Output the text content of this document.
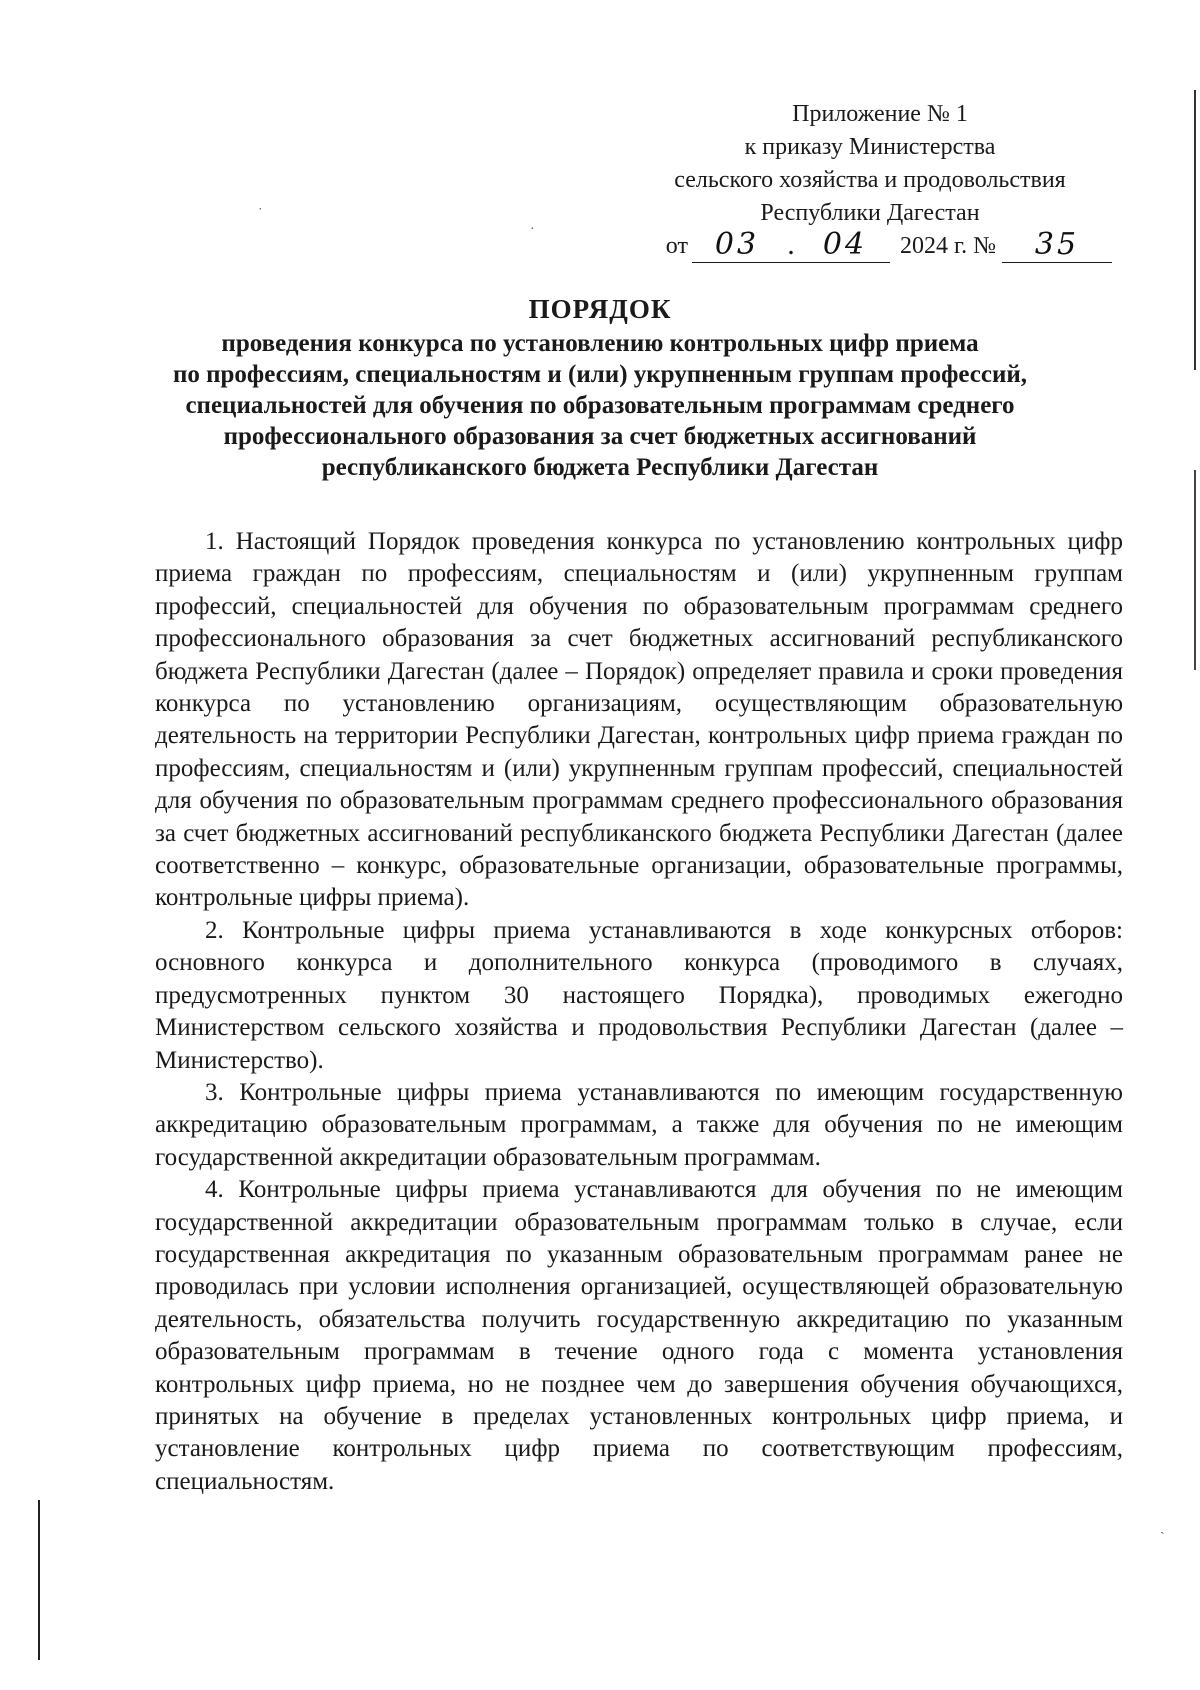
˙
·
ˏ
Приложение № 1
к приказу Министерства
сельского хозяйства и продовольствия
Республики Дагестан
от 03 . 04	2024 г. №	35
ПОРЯДОК
проведения конкурса по установлению контрольных цифр приема
по профессиям, специальностям и (или) укрупненным группам профессий,
специальностей для обучения по образовательным программам среднего
профессионального образования за счет бюджетных ассигнований
республиканского бюджета Республики Дагестан

1. Настоящий Порядок проведения конкурса по установлению контрольных цифр приема граждан по профессиям, специальностям и (или) укрупненным группам профессий, специальностей для обучения по образовательным программам среднего профессионального образования за счет бюджетных ассигнований республиканского бюджета Республики Дагестан (далее – Порядок) определяет правила и сроки проведения конкурса по установлению организациям, осуществляющим образовательную деятельность на территории Республики Дагестан, контрольных цифр приема граждан по профессиям, специальностям и (или) укрупненным группам профессий, специальностей для обучения по образовательным программам среднего профессионального образования за счет бюджетных ассигнований республиканского бюджета Республики Дагестан (далее соответственно – конкурс, образовательные организации, образовательные программы, контрольные цифры приема).

2. Контрольные цифры приема устанавливаются в ходе конкурсных отборов: основного конкурса и дополнительного конкурса (проводимого в случаях, предусмотренных пунктом 30 настоящего Порядка), проводимых ежегодно Министерством сельского хозяйства и продовольствия Республики Дагестан (далее – Министерство).

3. Контрольные цифры приема устанавливаются по имеющим государственную аккредитацию образовательным программам, а также для обучения по не имеющим государственной аккредитации образовательным программам.

4. Контрольные цифры приема устанавливаются для обучения по не имеющим государственной аккредитации образовательным программам только в случае, если государственная аккредитация по указанным образовательным программам ранее не проводилась при условии исполнения организацией, осуществляющей образовательную деятельность, обязательства получить государственную аккредитацию по указанным образовательным программам в течение одного года с момента установления контрольных цифр приема, но не позднее чем до завершения обучения обучающихся, принятых на обучение в пределах установленных контрольных цифр приема, и установление контрольных цифр приема по соответствующим профессиям, специальностям.
